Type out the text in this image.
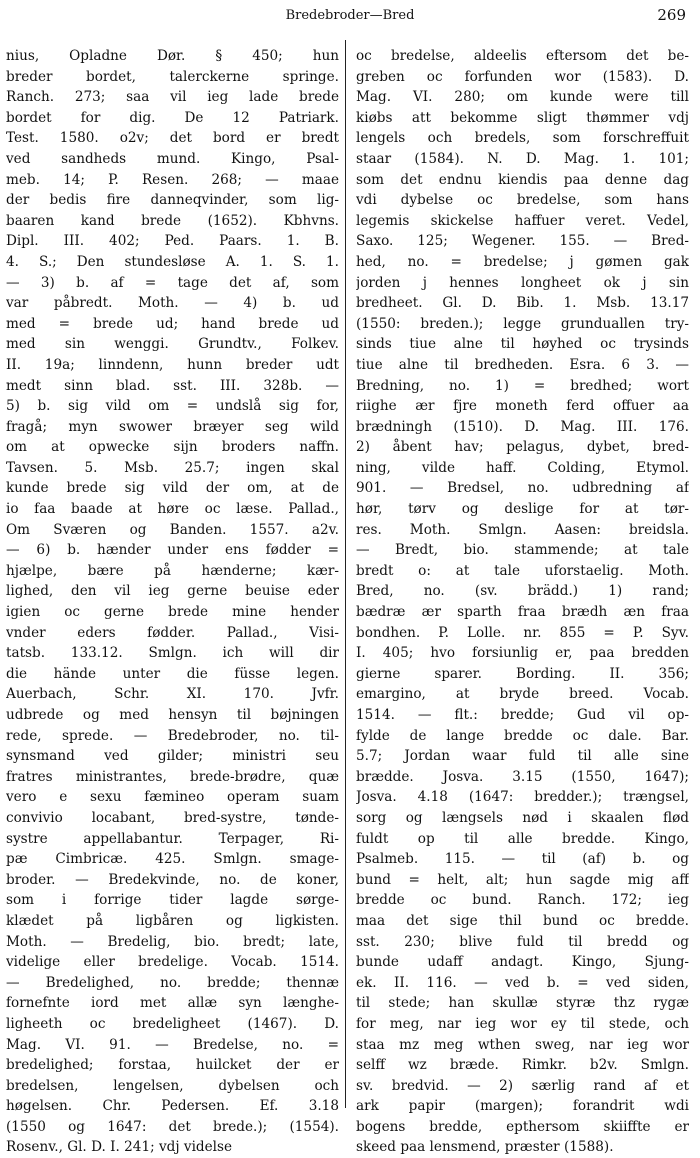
Bredebroder—Bred	269
nius, Opladne Dør. § 450; hun
breder bordet, talerckerne springe.
Ranch. 273; saa vil ieg lade brede
bordet for dig. De 12 Patriark.
Test. 1580. o2v; det bord er bredt
ved sandheds mund. Kingo, Psal-
meb. 14; P. Resen. 268; — maae
der bedis fire danneqvinder, som lig-
baaren kand brede (1652). Kbhvns.
Dipl. III. 402; Ped. Paars. 1. B.
4. S.; Den stundesløse A. 1. S. 1.
— 3) b. af = tage det af, som
var påbredt. Moth. — 4) b. ud
med = brede ud; hand brede ud
med sin wenggi. Grundtv., Folkev.
II. 19a; linndenn, hunn breder udt
medt sinn blad. sst. III. 328b. —
5) b. sig vild om = undslå sig for,
fragå; myn swower bræyer seg wild
om at opwecke sijn broders naffn.
Tavsen. 5. Msb. 25.7; ingen skal
kunde brede sig vild der om, at de
io faa baade at høre oc læse. Pallad.,
Om Sværen og Banden. 1557. a2v.
— 6) b. hænder under ens fødder =
hjælpe, bære på hænderne; kær-
lighed, den vil ieg gerne beuise eder
igien oc gerne brede mine hender
vnder eders fødder. Pallad., Visi-
tatsb. 133.12. Smlgn. ich will dir
die hände unter die füsse legen.
Auerbach, Schr. XI. 170. Jvfr.
udbrede og med hensyn til bøjningen
rede, sprede. — Bredebroder, no. til-
synsmand ved gilder; ministri seu
fratres ministrantes, brede-brødre, quæ
vero e sexu fæmineo operam suam
convivio locabant, bred-systre, tønde-
systre appellabantur. Terpager, Ri-
pæ Cimbricæ. 425. Smlgn. smage-
broder. — Bredekvinde, no. de koner,
som i forrige tider lagde sørge-
klædet på ligbåren og ligkisten.
Moth. — Bredelig, bio. bredt; late,
videlige eller bredelige. Vocab. 1514.
— Bredelighed, no. bredde; thennæ
fornefnte iord met allæ syn længhe-
ligheeth oc bredeligheet (1467). D.
Mag. VI. 91. — Bredelse, no. =
bredelighed; forstaa, huilcket der er
bredelsen, lengelsen, dybelsen och
høgelsen. Chr. Pedersen. Ef. 3.18
(1550 og 1647: det brede.); (1554).
Rosenv., Gl. D. I. 241; vdj videlse
oc bredelse, aldeelis eftersom det be-
greben oc forfunden wor (1583). D.
Mag. VI. 280; om kunde were till
kiøbs att bekomme sligt thømmer vdj
lengels och bredels, som forschreffuit
staar (1584). N. D. Mag. 1. 101;
som det endnu kiendis paa denne dag
vdi dybelse oc bredelse, som hans
legemis skickelse haffuer veret. Vedel,
Saxo. 125; Wegener. 155. — Bred-
hed, no. = bredelse; j gømen gak
jorden j hennes longheet ok j sin
bredheet. Gl. D. Bib. 1. Msb. 13.17
(1550: breden.); legge grunduallen try-
sinds tiue alne til høyhed oc trysinds
tiue alne til bredheden. Esra. 6 3. —
Bredning, no. 1) = bredhed; wort
riighe ær fjre moneth ferd offuer aa
brædningh (1510). D. Mag. III. 176.
2) åbent hav; pelagus, dybet, bred-
ning, vilde haff. Colding, Etymol.
901. — Bredsel, no. udbredning af
hør, tørv og deslige for at tør-
res. Moth. Smlgn. Aasen: breidsla.
— Bredt, bio. stammende; at tale
bredt o: at tale uforstaelig. Moth.
Bred, no. (sv. brädd.) 1) rand;
bædræ ær sparth fraa brædh æn fraa
bondhen. P. Lolle. nr. 855 = P. Syv.
I. 405; hvo forsiunlig er, paa bredden
gierne sparer. Bording. II. 356;
emargino, at bryde breed. Vocab.
1514. — flt.: bredde; Gud vil op-
fylde de lange bredde oc dale. Bar.
5.7; Jordan waar fuld til alle sine
brædde. Josva. 3.15 (1550, 1647);
Josva. 4.18 (1647: bredder.); trængsel,
sorg og længsels nød i skaalen flød
fuldt op til alle bredde. Kingo,
Psalmeb. 115. — til (af) b. og
bund = helt, alt; hun sagde mig aff
bredde oc bund. Ranch. 172; ieg
maa det sige thil bund oc bredde.
sst. 230; blive fuld til bredd og
bunde udaff andagt. Kingo, Sjung-
ek. II. 116. — ved b. = ved siden,
til stede; han skullæ styræ thz rygæ
for meg, nar ieg wor ey til stede, och
staa mz meg wthen sweg, nar ieg wor
selff wz bræde. Rimkr. b2v. Smlgn.
sv. bredvid. — 2) særlig rand af et
ark papir (margen); forandrit wdi
bogens bredde, epthersom skiiffte er
skeed paa lensmend, præster (1588).
